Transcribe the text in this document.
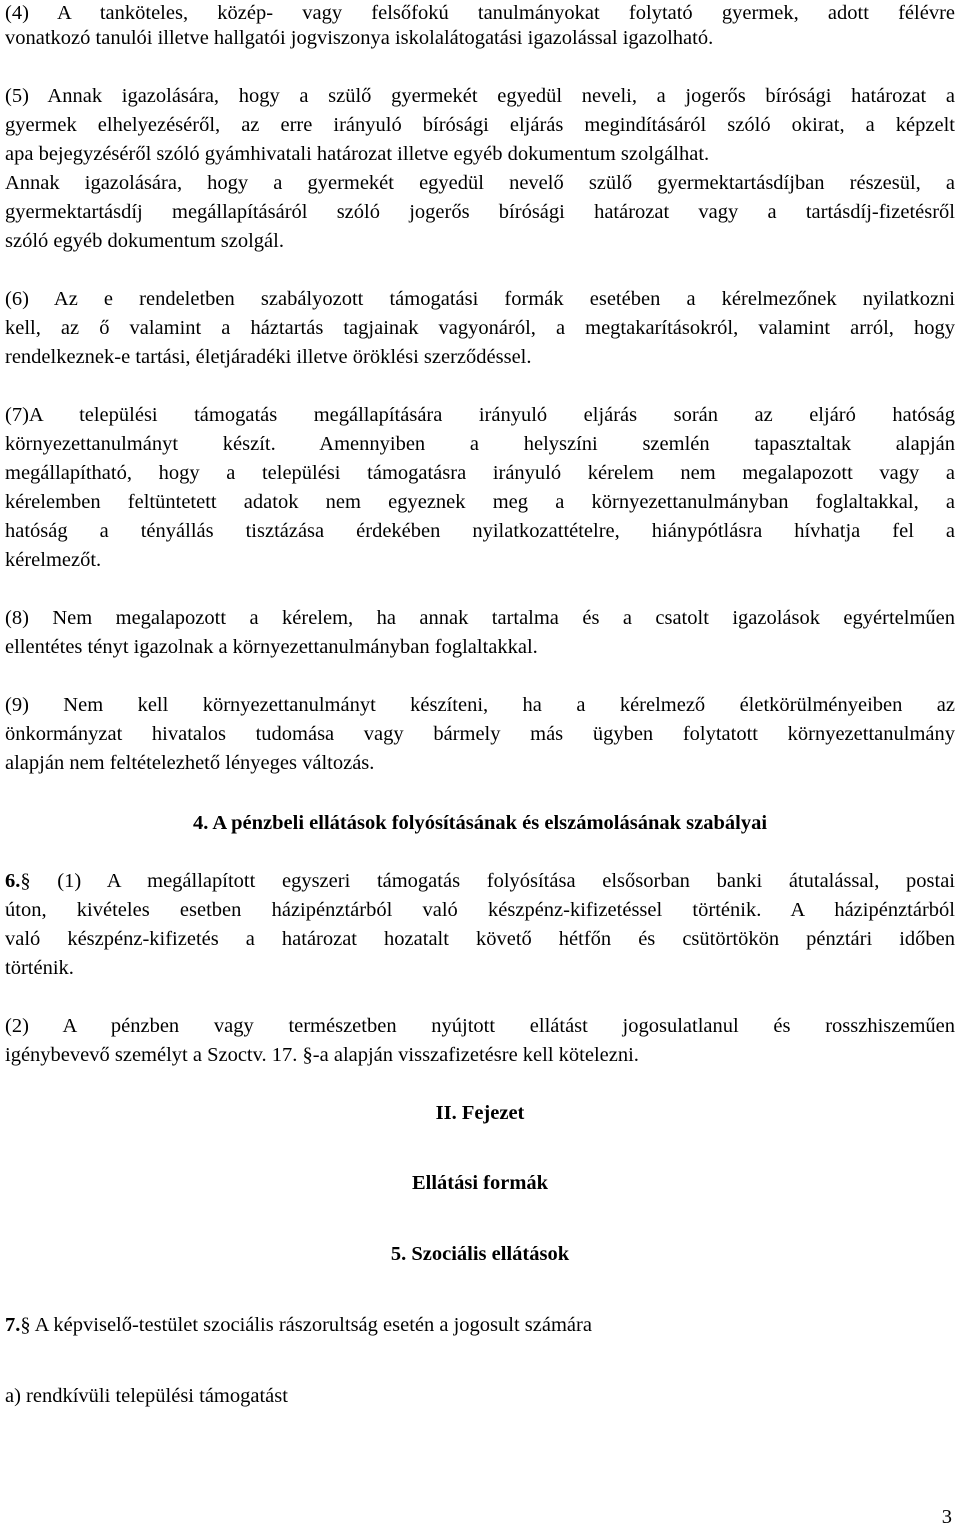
(4) A tanköteles, közép- vagy felsőfokú tanulmányokat folytató gyermek, adott félévre
vonatkozó tanulói illetve hallgatói jogviszonya iskolalátogatási igazolással igazolható.
(5) Annak igazolására, hogy a szülő gyermekét egyedül neveli, a jogerős bírósági határozat a
gyermek elhelyezéséről, az erre irányuló bírósági eljárás megindításáról szóló okirat, a képzelt
apa bejegyzéséről szóló gyámhivatali határozat illetve egyéb dokumentum szolgálhat.
Annak igazolására, hogy a gyermekét egyedül nevelő szülő gyermektartásdíjban részesül, a
gyermektartásdíj megállapításáról szóló jogerős bírósági határozat vagy a tartásdíj-fizetésről
szóló egyéb dokumentum szolgál.
(6) Az e rendeletben szabályozott támogatási formák esetében a kérelmezőnek nyilatkozni
kell, az ő valamint a háztartás tagjainak vagyonáról, a megtakarításokról, valamint arról, hogy
rendelkeznek-e tartási, életjáradéki illetve öröklési szerződéssel.
(7)A települési támogatás megállapítására irányuló eljárás során az eljáró hatóság
környezettanulmányt készít. Amennyiben a helyszíni szemlén tapasztaltak alapján
megállapítható, hogy a települési támogatásra irányuló kérelem nem megalapozott vagy a
kérelemben feltüntetett adatok nem egyeznek meg a környezettanulmányban foglaltakkal, a
hatóság a tényállás tisztázása érdekében nyilatkozattételre, hiánypótlásra hívhatja fel a
kérelmezőt.
(8) Nem megalapozott a kérelem, ha annak tartalma és a csatolt igazolások egyértelműen
ellentétes tényt igazolnak a környezettanulmányban foglaltakkal.
(9) Nem kell környezettanulmányt készíteni, ha a kérelmező életkörülményeiben az
önkormányzat hivatalos tudomása vagy bármely más ügyben folytatott környezettanulmány
alapján nem feltételezhető lényeges változás.
4. A pénzbeli ellátások folyósításának és elszámolásának szabályai
6.§ (1) A megállapított egyszeri támogatás folyósítása elsősorban banki átutalással, postai
úton, kivételes esetben házipénztárból való készpénz-kifizetéssel történik. A házipénztárból
való készpénz-kifizetés a határozat hozatalt követő hétfőn és csütörtökön pénztári időben
történik.
(2) A pénzben vagy természetben nyújtott ellátást jogosulatlanul és rosszhiszeműen
igénybevevő személyt a Szoctv. 17. §-a alapján visszafizetésre kell kötelezni.
II. Fejezet
Ellátási formák
5. Szociális ellátások
7.§ A képviselő-testület szociális rászorultság esetén a jogosult számára
a) rendkívüli települési támogatást
3
